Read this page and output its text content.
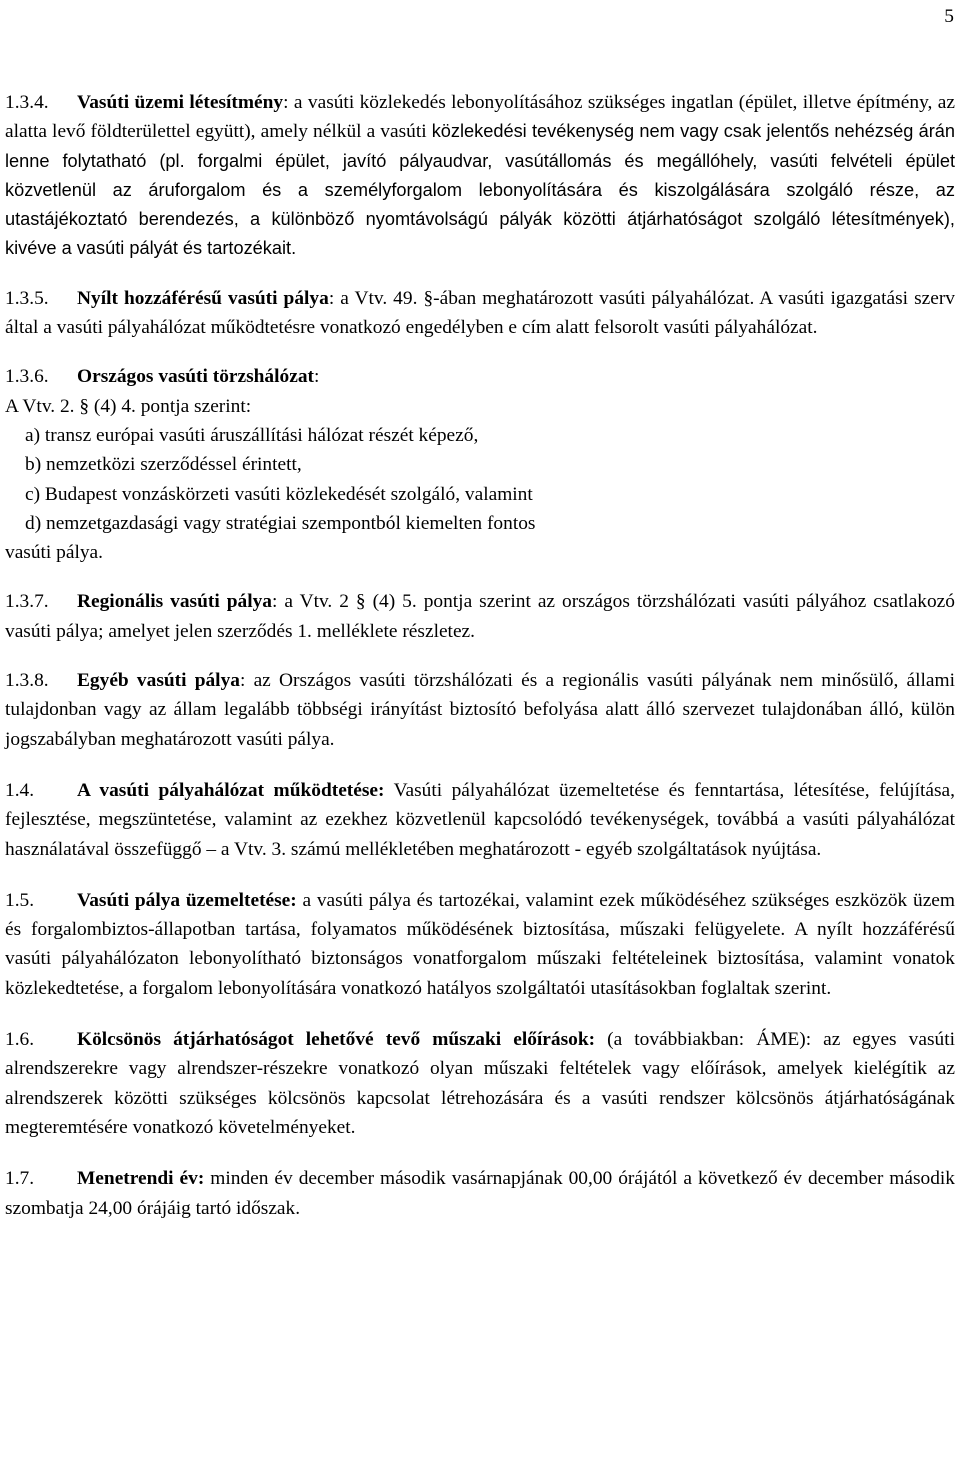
5

1.3.4. Vasúti üzemi létesítmény: a vasúti közlekedés lebonyolításához szükséges ingatlan (épület, illetve építmény, az alatta levő földterülettel együtt), amely nélkül a vasúti közlekedési tevékenység nem vagy csak jelentős nehézség árán lenne folytatható (pl. forgalmi épület, javító pályaudvar, vasútállomás és megállóhely, vasúti felvételi épület közvetlenül az áruforgalom és a személyforgalom lebonyolítására és kiszolgálására szolgáló része, az utastájékoztató berendezés, a különböző nyomtávolságú pályák közötti átjárhatóságot szolgáló létesítmények), kivéve a vasúti pályát és tartozékait.

1.3.5. Nyílt hozzáférésű vasúti pálya: a Vtv. 49. §-ában meghatározott vasúti pályahálózat. A vasúti igazgatási szerv által a vasúti pályahálózat működtetésre vonatkozó engedélyben e cím alatt felsorolt vasúti pályahálózat.

1.3.6. Országos vasúti törzshálózat:
A Vtv. 2. § (4) 4. pontja szerint:
a) transz európai vasúti áruszállítási hálózat részét képező,
b) nemzetközi szerződéssel érintett,
c) Budapest vonzáskörzeti vasúti közlekedését szolgáló, valamint
d) nemzetgazdasági vagy stratégiai szempontból kiemelten fontos
vasúti pálya.

1.3.7. Regionális vasúti pálya: a Vtv. 2 § (4) 5. pontja szerint az országos törzshálózati vasúti pályához csatlakozó vasúti pálya; amelyet jelen szerződés 1. melléklete részletez.

1.3.8. Egyéb vasúti pálya: az Országos vasúti törzshálózati és a regionális vasúti pályának nem minősülő, állami tulajdonban vagy az állam legalább többségi irányítást biztosító befolyása alatt álló szervezet tulajdonában álló, külön jogszabályban meghatározott vasúti pálya.

1.4. A vasúti pályahálózat működtetése: Vasúti pályahálózat üzemeltetése és fenntartása, létesítése, felújítása, fejlesztése, megszüntetése, valamint az ezekhez közvetlenül kapcsolódó tevékenységek, továbbá a vasúti pályahálózat használatával összefüggő – a Vtv. 3. számú mellékletében meghatározott - egyéb szolgáltatások nyújtása.

1.5. Vasúti pálya üzemeltetése: a vasúti pálya és tartozékai, valamint ezek működéséhez szükséges eszközök üzem és forgalombiztos-állapotban tartása, folyamatos működésének biztosítása, műszaki felügyelete. A nyílt hozzáférésű vasúti pályahálózaton lebonyolítható biztonságos vonatforgalom műszaki feltételeinek biztosítása, valamint vonatok közlekedtetése, a forgalom lebonyolítására vonatkozó hatályos szolgáltatói utasításokban foglaltak szerint.

1.6. Kölcsönös átjárhatóságot lehetővé tevő műszaki előírások: (a továbbiakban: ÁME): az egyes vasúti alrendszerekre vagy alrendszer-részekre vonatkozó olyan műszaki feltételek vagy előírások, amelyek kielégítik az alrendszerek közötti szükséges kölcsönös kapcsolat létrehozására és a vasúti rendszer kölcsönös átjárhatóságának megteremtésére vonatkozó követelményeket.

1.7. Menetrendi év: minden év december második vasárnapjának 00,00 órájától a következő év december második szombatja 24,00 órájáig tartó időszak.
